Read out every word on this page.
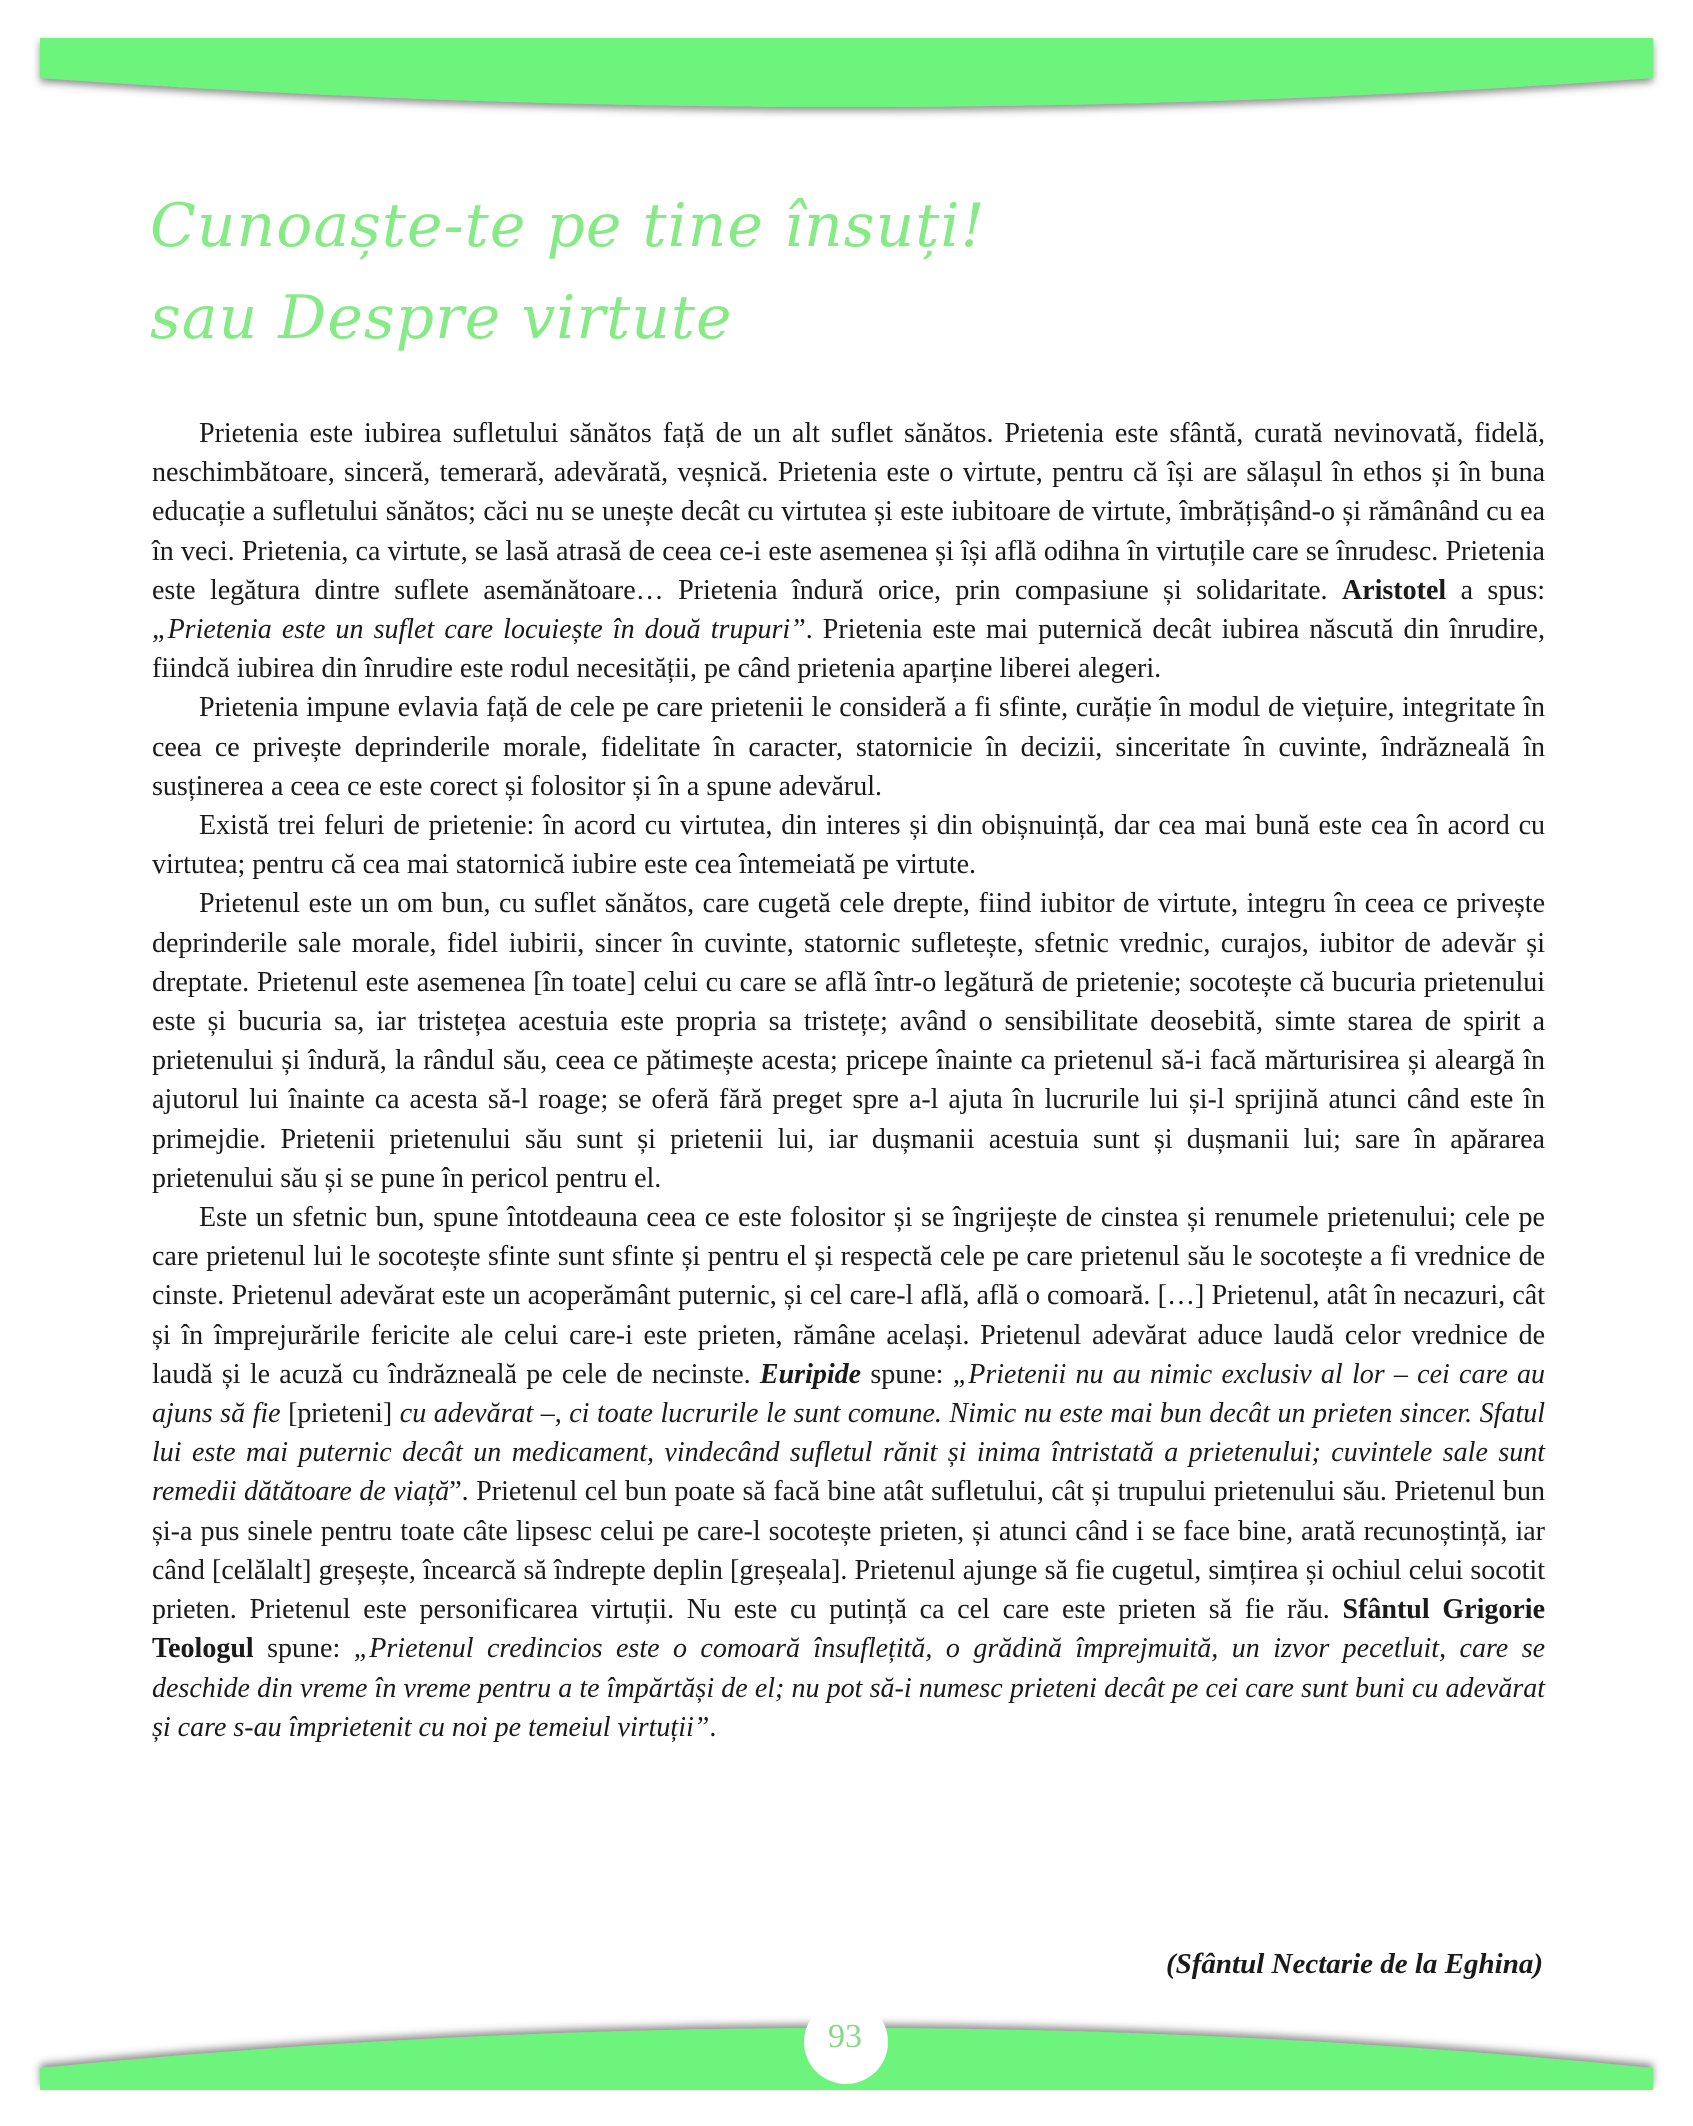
Cunoaște-te pe tine însuți!
sau Despre virtute

Prietenia este iubirea sufletului sănătos față de un alt suflet sănătos. Prietenia este sfântă, curată nevinovată, fidelă, neschimbătoare, sinceră, temerară, adevărată, veșnică. Prietenia este o virtute, pentru că își are sălașul în ethos și în buna educație a sufletului sănătos; căci nu se unește decât cu virtutea și este iubitoare de virtute, îmbrățișând-o și rămânând cu ea în veci. Prietenia, ca virtute, se lasă atrasă de ceea ce-i este asemenea și își află odihna în virtuțile care se înrudesc. Prietenia este legătura dintre suflete asemănătoare… Prietenia îndură orice, prin compasiune și solidaritate. Aristotel a spus: „Prietenia este un suflet care locuiește în două trupuri”. Prietenia este mai puternică decât iubirea născută din înrudire, fiindcă iubirea din înrudire este rodul necesității, pe când prietenia aparține liberei alegeri.

Prietenia impune evlavia față de cele pe care prietenii le consideră a fi sfinte, curăție în modul de viețuire, integritate în ceea ce privește deprinderile morale, fidelitate în caracter, statornicie în decizii, sinceritate în cuvinte, îndrăzneală în susținerea a ceea ce este corect și folositor și în a spune adevărul.

Există trei feluri de prietenie: în acord cu virtutea, din interes și din obișnuință, dar cea mai bună este cea în acord cu virtutea; pentru că cea mai statornică iubire este cea întemeiată pe virtute.

Prietenul este un om bun, cu suflet sănătos, care cugetă cele drepte, fiind iubitor de virtute, integru în ceea ce privește deprinderile sale morale, fidel iubirii, sincer în cuvinte, statornic sufletește, sfetnic vrednic, curajos, iubitor de adevăr și dreptate. Prietenul este asemenea [în toate] celui cu care se află într-o legătură de prietenie; socotește că bucuria prietenului este și bucuria sa, iar tristețea acestuia este propria sa tristețe; având o sensibilitate deosebită, simte starea de spirit a prietenului și îndură, la rândul său, ceea ce pătimește acesta; pricepe înainte ca prietenul să-i facă mărturisirea și aleargă în ajutorul lui înainte ca acesta să-l roage; se oferă fără preget spre a-l ajuta în lucrurile lui și-l sprijină atunci când este în primejdie. Prietenii prietenului său sunt și prietenii lui, iar dușmanii acestuia sunt și dușmanii lui; sare în apărarea prietenului său și se pune în pericol pentru el.

Este un sfetnic bun, spune întotdeauna ceea ce este folositor și se îngrijește de cinstea și renumele prietenului; cele pe care prietenul lui le socotește sfinte sunt sfinte și pentru el și respectă cele pe care prietenul său le socotește a fi vrednice de cinste. Prietenul adevărat este un acoperământ puternic, și cel care-l află, află o comoară. […] Prietenul, atât în necazuri, cât și în împrejurările fericite ale celui care-i este prieten, rămâne același. Prietenul adevărat aduce laudă celor vrednice de laudă și le acuză cu îndrăzneală pe cele de necinste. Euripide spune: „Prietenii nu au nimic exclusiv al lor – cei care au ajuns să fie [prieteni] cu adevărat –, ci toate lucrurile le sunt comune. Nimic nu este mai bun decât un prieten sincer. Sfatul lui este mai puternic decât un medicament, vindecând sufletul rănit și inima întristată a prietenului; cuvintele sale sunt remedii dătătoare de viață”. Prietenul cel bun poate să facă bine atât sufletului, cât și trupului prietenului său. Prietenul bun și-a pus sinele pentru toate câte lipsesc celui pe care-l socotește prieten, și atunci când i se face bine, arată recunoștință, iar când [celălalt] greșește, încearcă să îndrepte deplin [greșeala]. Prietenul ajunge să fie cugetul, simțirea și ochiul celui socotit prieten. Prietenul este personificarea virtuții. Nu este cu putință ca cel care este prieten să fie rău. Sfântul Grigorie Teologul spune: „Prietenul credincios este o comoară însuflețită, o grădină împrejmuită, un izvor pecetluit, care se deschide din vreme în vreme pentru a te împărtăși de el; nu pot să-i numesc prieteni decât pe cei care sunt buni cu adevărat și care s-au împrietenit cu noi pe temeiul virtuții”.

(Sfântul Nectarie de la Eghina)

93
